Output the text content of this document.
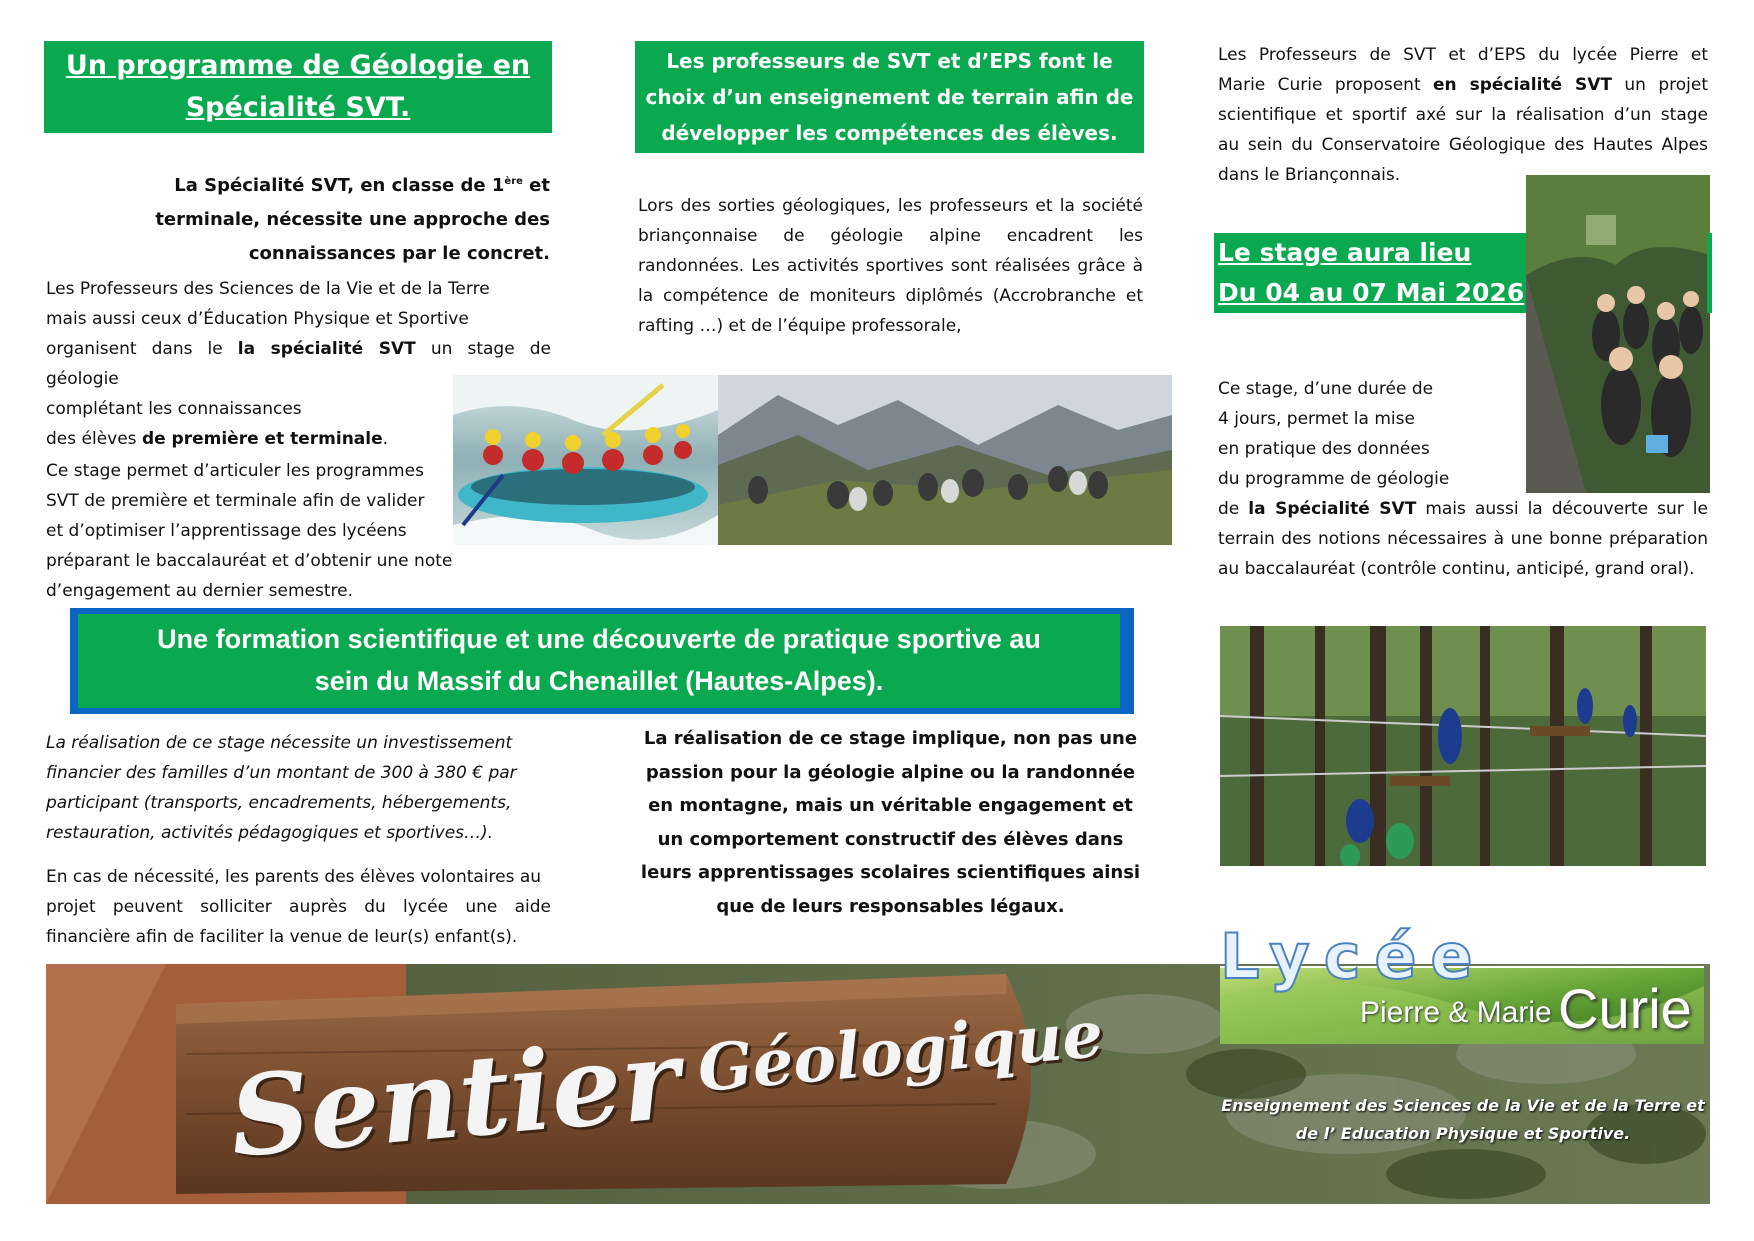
Un programme de Géologie en
Spécialité SVT.
La Spécialité SVT, en classe de 1ère et
terminale, nécessite une approche des
connaissances par le concret.
Les Professeurs des Sciences de la Vie et de la Terre
mais aussi ceux d’Éducation Physique et Sportive
organisent dans le la spécialité SVT un stage de géologie
complétant les connaissances
des élèves de première et terminale.
Ce stage permet d’articuler les programmes
SVT de première et terminale afin de valider
et d’optimiser l’apprentissage des lycéens
préparant le baccalauréat et d’obtenir une note
d’engagement au dernier semestre.
Les professeurs de SVT et d’EPS font le
choix d’un enseignement de terrain afin de
développer les compétences des élèves.
Lors des sorties géologiques, les professeurs et la société
briançonnaise de géologie alpine encadrent les
randonnées. Les activités sportives sont réalisées grâce à
la compétence de moniteurs diplômés (Accrobranche et
rafting …) et de l’équipe professorale,
Les Professeurs de SVT et d’EPS du lycée Pierre et
Marie Curie proposent en spécialité SVT un projet
scientifique et sportif axé sur la réalisation d’un stage
au sein du Conservatoire Géologique des Hautes Alpes
dans le Briançonnais.
Le stage aura lieu
Du 04 au 07 Mai 2026
Ce stage, d’une durée de
4 jours, permet la mise
en pratique des données
du programme de géologie
de la Spécialité SVT mais aussi la découverte sur le
terrain des notions nécessaires à une bonne préparation
au baccalauréat (contrôle continu, anticipé, grand oral).
Une formation scientifique et une découverte de pratique sportive au
sein du Massif du Chenaillet (Hautes-Alpes).
La réalisation de ce stage nécessite un investissement
financier des familles d’un montant de 300 à 380 € par
participant (transports, encadrements, hébergements,
restauration, activités pédagogiques et sportives…).
En cas de nécessité, les parents des élèves volontaires au
projet peuvent solliciter auprès du lycée une aide
financière afin de faciliter la venue de leur(s) enfant(s).
La réalisation de ce stage implique, non pas une
passion pour la géologie alpine ou la randonnée
en montagne, mais un véritable engagement et
un comportement constructif des élèves dans
leurs apprentissages scolaires scientifiques ainsi
que de leurs responsables légaux.
Sentier Géologique
Lycée
Pierre & Marie Curie
Enseignement des Sciences de la Vie et de la Terre et
de l’ Education Physique et Sportive.
